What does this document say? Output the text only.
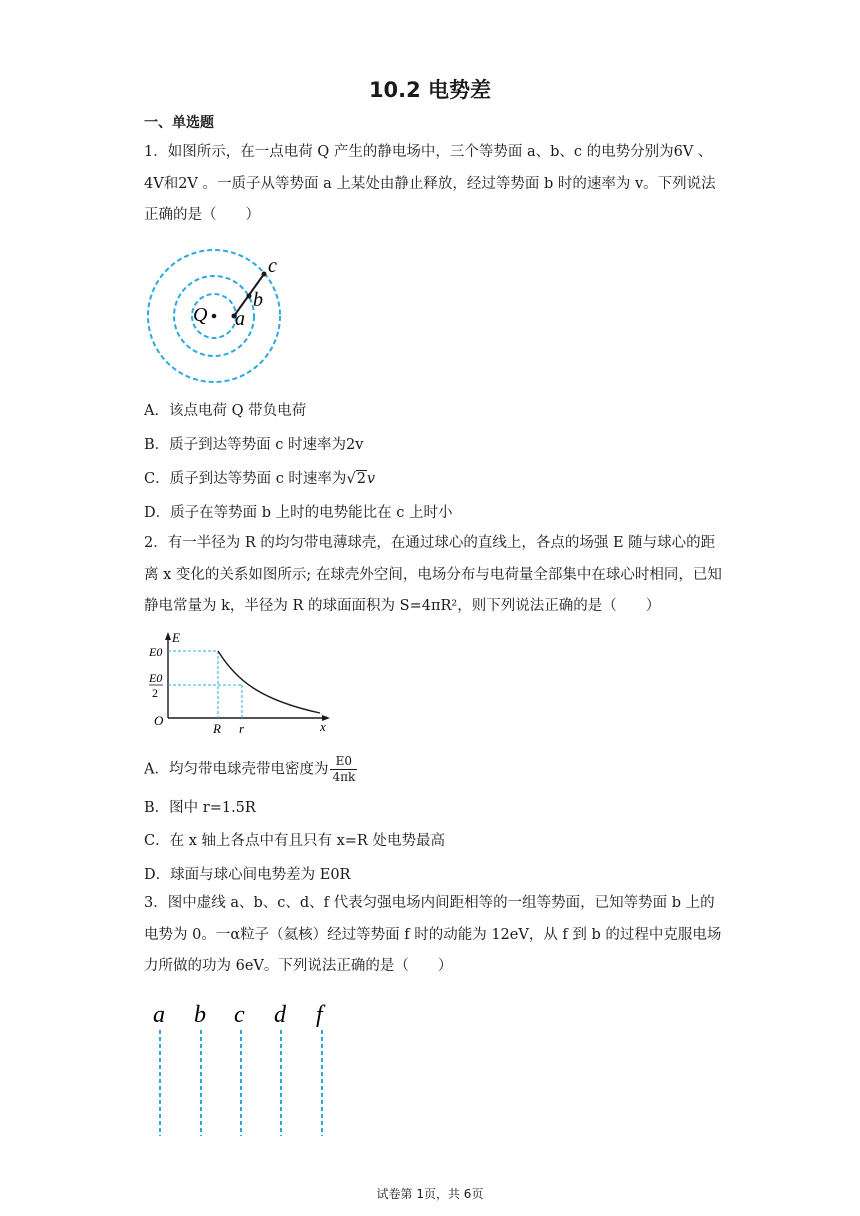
10.2 电势差
一、单选题

1．如图所示，在一点电荷 Q 产生的静电场中，三个等势面 a、b、c 的电势分别为6V 、4V和2V 。一质子从等势面 a 上某处由静止释放，经过等势面 b 时的速率为 v。下列说法正确的是（　　）

Q a
b
c
A．该点电荷 Q 带负电荷
B．质子到达等势面 c 时速率为2v
C．质子到达等势面 c 时速率为√2v
D．质子在等势面 b 上时的电势能比在 c 上时小

2．有一半径为 R 的均匀带电薄球壳，在通过球心的直线上，各点的场强 E 随与球心的距离 x 变化的关系如图所示; 在球壳外空间，电场分布与电荷量全部集中在球心时相同，已知静电常量为 k，半径为 R 的球面面积为 S=4πR²，则下列说法正确的是（　　）

E
x
O
E0
E0
2
R r
A．均匀带电球壳带电密度为 $\frac{E0}{4\pi k}$
B．图中 r=1.5R
C．在 x 轴上各点中有且只有 x=R 处电势最高
D．球面与球心间电势差为 E0R

3．图中虚线 a、b、c、d、f 代表匀强电场内间距相等的一组等势面，已知等势面 b 上的电势为 0。一α粒子（氦核）经过等势面 f 时的动能为 12eV，从 f 到 b 的过程中克服电场力所做的功为 6eV。下列说法正确的是（　　）

a b c d f
试卷第 1页，共 6页
